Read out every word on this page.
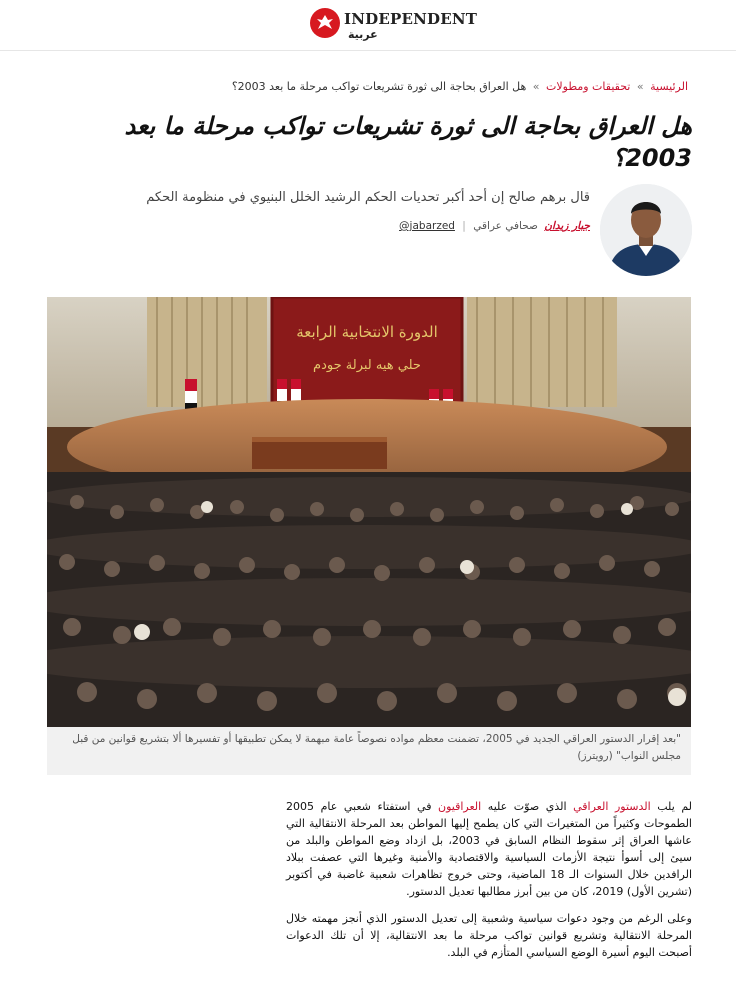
INDEPENDENT
عربية
الرئيسية » تحقيقات ومطولات » هل العراق بحاجة الى ثورة تشريعات تواكب مرحلة ما بعد 2003؟
هل العراق بحاجة الى ثورة تشريعات تواكب مرحلة ما بعد 2003؟

قال برهم صالح إن أحد أكبر تحديات الحكم الرشيد الخلل البنيوي في منظومة الحكم

جبار زيدان صحافي عراقي | @jabarzed
الدورة الانتخابية الرابعة
حلي هيه لبرلة جودم
"بعد إقرار الدستور العراقي الجديد في 2005، تضمنت معظم مواده نصوصاً عامة مبهمة لا يمكن تطبيقها أو تفسيرها ألا بتشريع قوانين من قبل مجلس النواب" (رويترز)

لم يلب الدستور العراقي الذي صوّت عليه العراقيون في استفتاء شعبي عام 2005 الطموحات وكثيراً من المتغيرات التي كان يطمح إليها المواطن بعد المرحلة الانتقالية التي عاشها العراق إثر سقوط النظام السابق في 2003، بل ازداد وضع المواطن والبلد من سيئ إلى أسوأ نتيجة الأزمات السياسية والاقتصادية والأمنية وغيرها التي عصفت ببلاد الرافدين خلال السنوات الـ 18 الماضية، وحتى خروج تظاهرات شعبية غاضبة في أكتوبر (تشرين الأول) 2019، كان من بين أبرز مطالبها تعديل الدستور.

وعلى الرغم من وجود دعوات سياسية وشعبية إلى تعديل الدستور الذي أنجز مهمته خلال المرحلة الانتقالية وتشريع قوانين تواكب مرحلة ما بعد الانتقالية، إلا أن تلك الدعوات أصبحت اليوم أسيرة الوضع السياسي المتأزم في البلد.
